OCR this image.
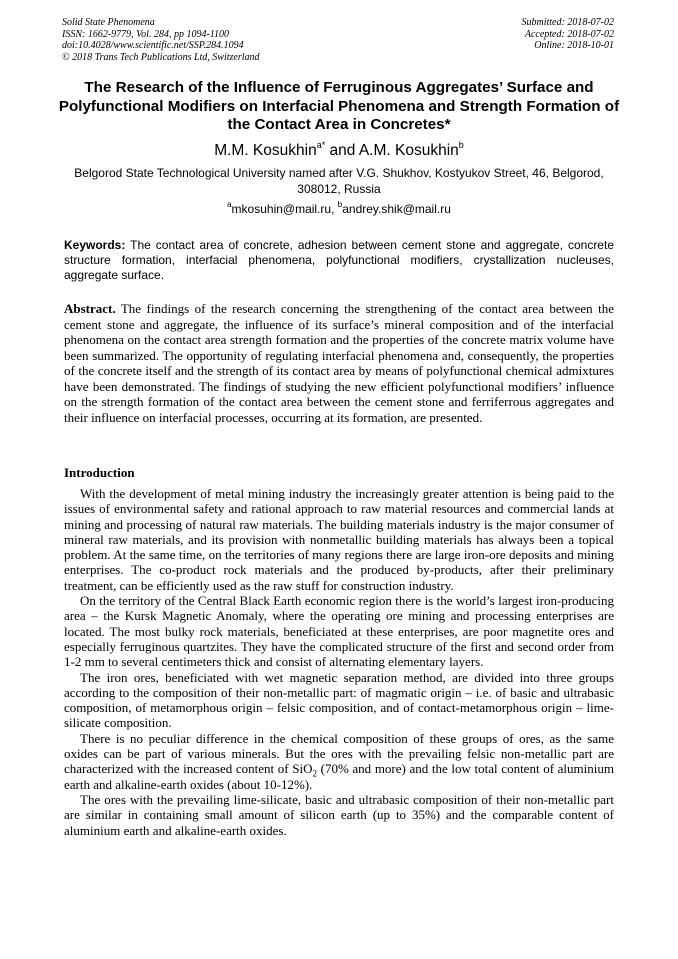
Solid State Phenomena
ISSN: 1662-9779, Vol. 284, pp 1094-1100
doi:10.4028/www.scientific.net/SSP.284.1094
© 2018 Trans Tech Publications Ltd, Switzerland
Submitted: 2018-07-02
Accepted: 2018-07-02
Online: 2018-10-01
The Research of the Influence of Ferruginous Aggregates’ Surface and Polyfunctional Modifiers on Interfacial Phenomena and Strength Formation of the Contact Area in Concretes*
M.M. Kosukhin$^{a*}$ and A.M. Kosukhin$^b$
Belgorod State Technological University named after V.G. Shukhov, Kostyukov Street, 46, Belgorod, 308012, Russia
$^a$mkosuhin@mail.ru, $^b$andrey.shik@mail.ru
Keywords: The contact area of concrete, adhesion between cement stone and aggregate, concrete structure formation, interfacial phenomena, polyfunctional modifiers, crystallization nucleuses, aggregate surface.
Abstract. The findings of the research concerning the strengthening of the contact area between the cement stone and aggregate, the influence of its surface’s mineral composition and of the interfacial phenomena on the contact area strength formation and the properties of the concrete matrix volume have been summarized. The opportunity of regulating interfacial phenomena and, consequently, the properties of the concrete itself and the strength of its contact area by means of polyfunctional chemical admixtures have been demonstrated. The findings of studying the new efficient polyfunctional modifiers’ influence on the strength formation of the contact area between the cement stone and ferriferrous aggregates and their influence on interfacial processes, occurring at its formation, are presented.
Introduction

With the development of metal mining industry the increasingly greater attention is being paid to the issues of environmental safety and rational approach to raw material resources and commercial lands at mining and processing of natural raw materials. The building materials industry is the major consumer of mineral raw materials, and its provision with nonmetallic building materials has always been a topical problem. At the same time, on the territories of many regions there are large iron-ore deposits and mining enterprises. The co-product rock materials and the produced by-products, after their preliminary treatment, can be efficiently used as the raw stuff for construction industry.

On the territory of the Central Black Earth economic region there is the world’s largest iron-producing area – the Kursk Magnetic Anomaly, where the operating ore mining and processing enterprises are located. The most bulky rock materials, beneficiated at these enterprises, are poor magnetite ores and especially ferruginous quartzites. They have the complicated structure of the first and second order from 1-2 mm to several centimeters thick and consist of alternating elementary layers.

The iron ores, beneficiated with wet magnetic separation method, are divided into three groups according to the composition of their non-metallic part: of magmatic origin – i.e. of basic and ultrabasic composition, of metamorphous origin – felsic composition, and of contact-metamorphous origin – lime-silicate composition.

There is no peculiar difference in the chemical composition of these groups of ores, as the same oxides can be part of various minerals. But the ores with the prevailing felsic non-metallic part are characterized with the increased content of SiO$_2$ (70% and more) and the low total content of aluminium earth and alkaline-earth oxides (about 10-12%).

The ores with the prevailing lime-silicate, basic and ultrabasic composition of their non-metallic part are similar in containing small amount of silicon earth (up to 35%) and the comparable content of aluminium earth and alkaline-earth oxides.
